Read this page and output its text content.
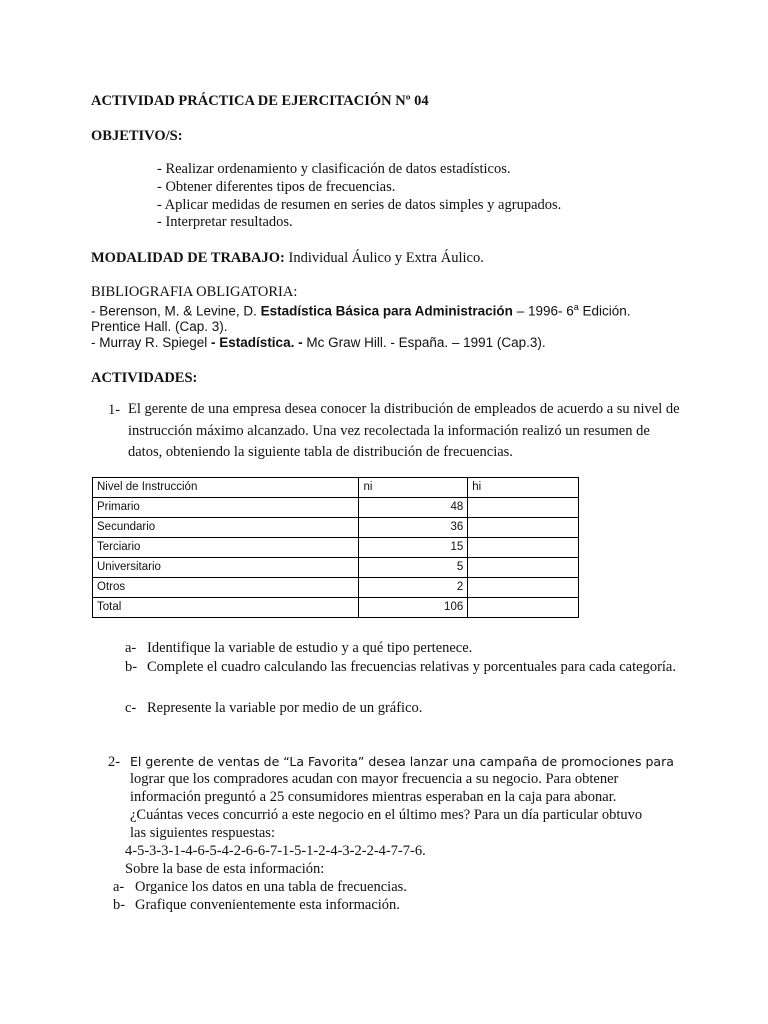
ACTIVIDAD PRÁCTICA DE EJERCITACIÓN Nº 04
OBJETIVO/S:
- Realizar ordenamiento y clasificación de datos estadísticos.
- Obtener diferentes tipos de frecuencias.
- Aplicar medidas de resumen en series de datos simples y agrupados.
- Interpretar resultados.
MODALIDAD DE TRABAJO: Individual Áulico y Extra Áulico.
BIBLIOGRAFIA OBLIGATORIA:
- Berenson, M. & Levine, D. Estadística Básica para Administración – 1996- 6$^a$ Edición.
Prentice Hall. (Cap. 3).
- Murray R. Spiegel - Estadística. - Mc Graw Hill. - España. – 1991 (Cap.3).
ACTIVIDADES:
1- El gerente de una empresa desea conocer la distribución de empleados de acuerdo a su nivel de instrucción máximo alcanzado. Una vez recolectada la información realizó un resumen de datos, obteniendo la siguiente tabla de distribución de frecuencias.
Nivel de Instrucción	ni	hi
Primario	48	
Secundario	36	
Terciario	15	
Universitario	5	
Otros	2	
Total	106	
a- Identifique la variable de estudio y a qué tipo pertenece.
b- Complete el cuadro calculando las frecuencias relativas y porcentuales para cada categoría.
c- Represente la variable por medio de un gráfico.
2- El gerente de ventas de “La Favorita” desea lanzar una campaña de promociones para
lograr que los compradores acudan con mayor frecuencia a su negocio. Para obtener
información preguntó a 25 consumidores mientras esperaban en la caja para abonar.
¿Cuántas veces concurrió a este negocio en el último mes? Para un día particular obtuvo
las siguientes respuestas:
4-5-3-3-1-4-6-5-4-2-6-6-7-1-5-1-2-4-3-2-2-4-7-7-6.
Sobre la base de esta información:
a- Organice los datos en una tabla de frecuencias.
b- Grafique convenientemente esta información.
